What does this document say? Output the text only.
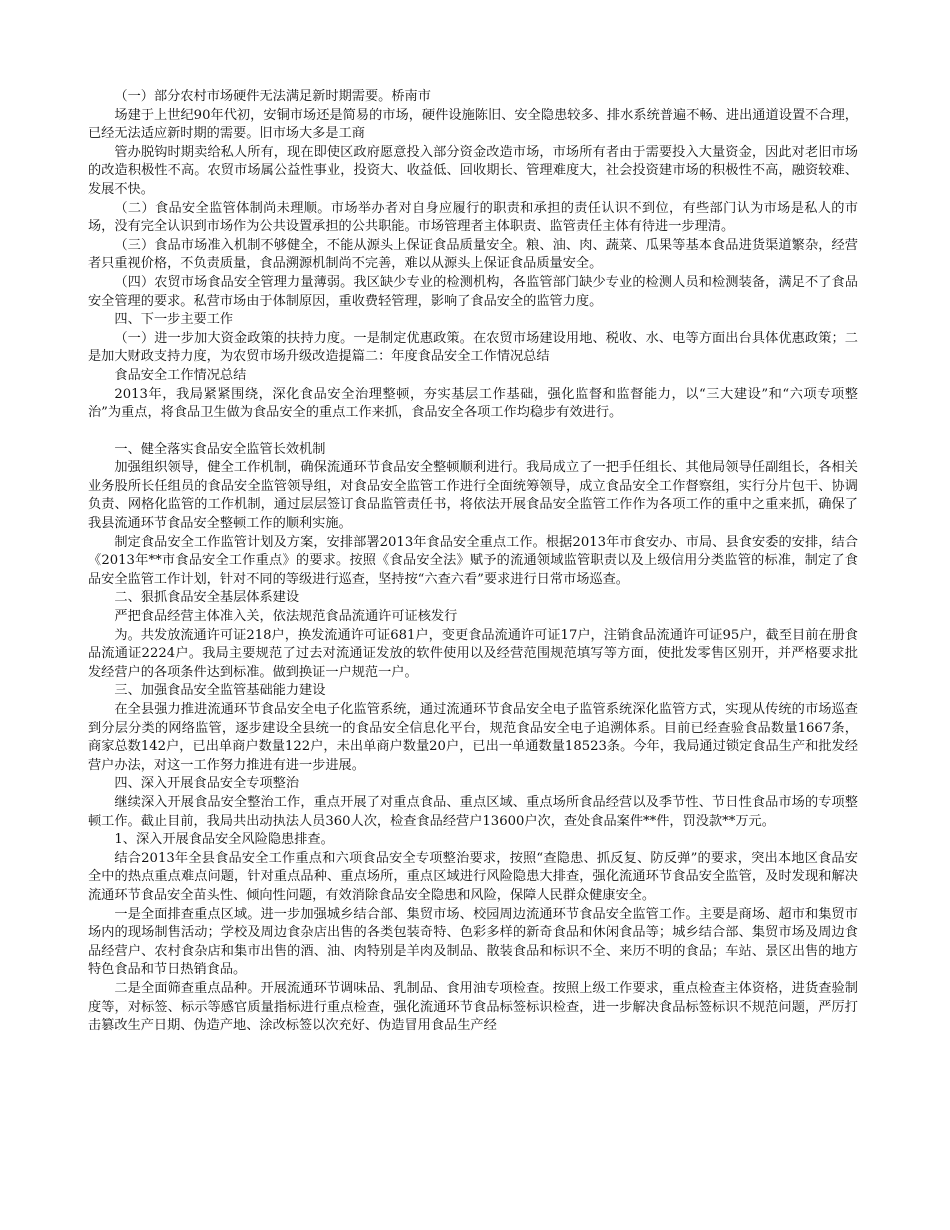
（一）部分农村市场硬件无法满足新时期需要。桥南市

场建于上世纪90年代初，安铜市场还是简易的市场，硬件设施陈旧、安全隐患较多、排水系统普遍不畅、进出通道设置不合理，已经无法适应新时期的需要。旧市场大多是工商

管办脱钩时期卖给私人所有，现在即使区政府愿意投入部分资金改造市场，市场所有者由于需要投入大量资金，因此对老旧市场的改造积极性不高。农贸市场属公益性事业，投资大、收益低、回收期长、管理难度大，社会投资建市场的积极性不高，融资较难、发展不快。

（二）食品安全监管体制尚未理顺。市场举办者对自身应履行的职责和承担的责任认识不到位，有些部门认为市场是私人的市场，没有完全认识到市场作为公共设置承担的公共职能。市场管理者主体职责、监管责任主体有待进一步理清。

（三）食品市场准入机制不够健全，不能从源头上保证食品质量安全。粮、油、肉、蔬菜、瓜果等基本食品进货渠道繁杂，经营者只重视价格，不负责质量，食品溯源机制尚不完善，难以从源头上保证食品质量安全。

（四）农贸市场食品安全管理力量薄弱。我区缺少专业的检测机构，各监管部门缺少专业的检测人员和检测装备，满足不了食品安全管理的要求。私营市场由于体制原因，重收费轻管理，影响了食品安全的监管力度。

四、下一步主要工作

（一）进一步加大资金政策的扶持力度。一是制定优惠政策。在农贸市场建设用地、税收、水、电等方面出台具体优惠政策；二是加大财政支持力度，为农贸市场升级改造提篇二：年度食品安全工作情况总结

食品安全工作情况总结

2013年，我局紧紧围绕，深化食品安全治理整顿，夯实基层工作基础，强化监督和监督能力，以“三大建设”和“六项专项整治”为重点，将食品卫生做为食品安全的重点工作来抓，食品安全各项工作均稳步有效进行。

一、健全落实食品安全监管长效机制

加强组织领导，健全工作机制，确保流通环节食品安全整顿顺利进行。我局成立了一把手任组长、其他局领导任副组长，各相关业务股所长任组员的食品安全监管领导组，对食品安全监管工作进行全面统筹领导，成立食品安全工作督察组，实行分片包干、协调负责、网格化监管的工作机制，通过层层签订食品监管责任书，将依法开展食品安全监管工作作为各项工作的重中之重来抓，确保了我县流通环节食品安全整顿工作的顺利实施。

制定食品安全工作监管计划及方案，安排部署2013年食品安全重点工作。根据2013年市食安办、市局、县食安委的安排，结合《2013年**市食品安全工作重点》的要求。按照《食品安全法》赋予的流通领域监管职责以及上级信用分类监管的标准，制定了食品安全监管工作计划，针对不同的等级进行巡查，坚持按“六查六看”要求进行日常市场巡查。

二、狠抓食品安全基层体系建设

严把食品经营主体准入关，依法规范食品流通许可证核发行

为。共发放流通许可证218户，换发流通许可证681户，变更食品流通许可证17户，注销食品流通许可证95户，截至目前在册食品流通证2224户。我局主要规范了过去对流通证发放的软件使用以及经营范围规范填写等方面，使批发零售区别开，并严格要求批发经营户的各项条件达到标准。做到换证一户规范一户。

三、加强食品安全监管基础能力建设

在全县强力推进流通环节食品安全电子化监管系统，通过流通环节食品安全电子监管系统深化监管方式，实现从传统的市场巡查到分层分类的网络监管，逐步建设全县统一的食品安全信息化平台，规范食品安全电子追溯体系。目前已经查验食品数量1667条，商家总数142户，已出单商户数量122户，未出单商户数量20户，已出一单通数量18523条。今年，我局通过锁定食品生产和批发经营户办法，对这一工作努力推进有进一步进展。

四、深入开展食品安全专项整治

继续深入开展食品安全整治工作，重点开展了对重点食品、重点区域、重点场所食品经营以及季节性、节日性食品市场的专项整顿工作。截止目前，我局共出动执法人员360人次，检查食品经营户13600户次，查处食品案件**件，罚没款**万元。

1、深入开展食品安全风险隐患排查。

结合2013年全县食品安全工作重点和六项食品安全专项整治要求，按照“查隐患、抓反复、防反弹”的要求，突出本地区食品安全中的热点重点难点问题，针对重点品种、重点场所，重点区域进行风险隐患大排查，强化流通环节食品安全监管，及时发现和解决流通环节食品安全苗头性、倾向性问题，有效消除食品安全隐患和风险，保障人民群众健康安全。

一是全面排查重点区域。进一步加强城乡结合部、集贸市场、校园周边流通环节食品安全监管工作。主要是商场、超市和集贸市场内的现场制售活动；学校及周边食杂店出售的各类包装奇特、色彩多样的新奇食品和休闲食品等；城乡结合部、集贸市场及周边食品经营户、农村食杂店和集市出售的酒、油、肉特别是羊肉及制品、散装食品和标识不全、来历不明的食品；车站、景区出售的地方特色食品和节日热销食品。

二是全面筛查重点品种。开展流通环节调味品、乳制品、食用油专项检查。按照上级工作要求，重点检查主体资格，进货查验制度等，对标签、标示等感官质量指标进行重点检查，强化流通环节食品标签标识检查，进一步解决食品标签标识不规范问题，严厉打击篡改生产日期、伪造产地、涂改标签以次充好、伪造冒用食品生产经
